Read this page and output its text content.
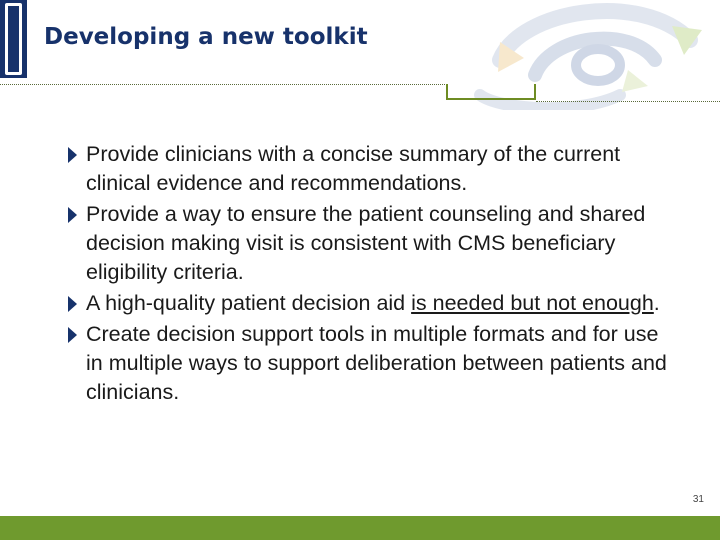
Developing a new toolkit
Provide clinicians with a concise summary of the current clinical evidence and recommendations.
Provide a way to ensure the patient counseling and shared decision making visit is consistent with CMS beneficiary eligibility criteria.
A high-quality patient decision aid is needed but not enough.
Create decision support tools in multiple formats and for use in multiple ways to support deliberation between patients and clinicians.
31
